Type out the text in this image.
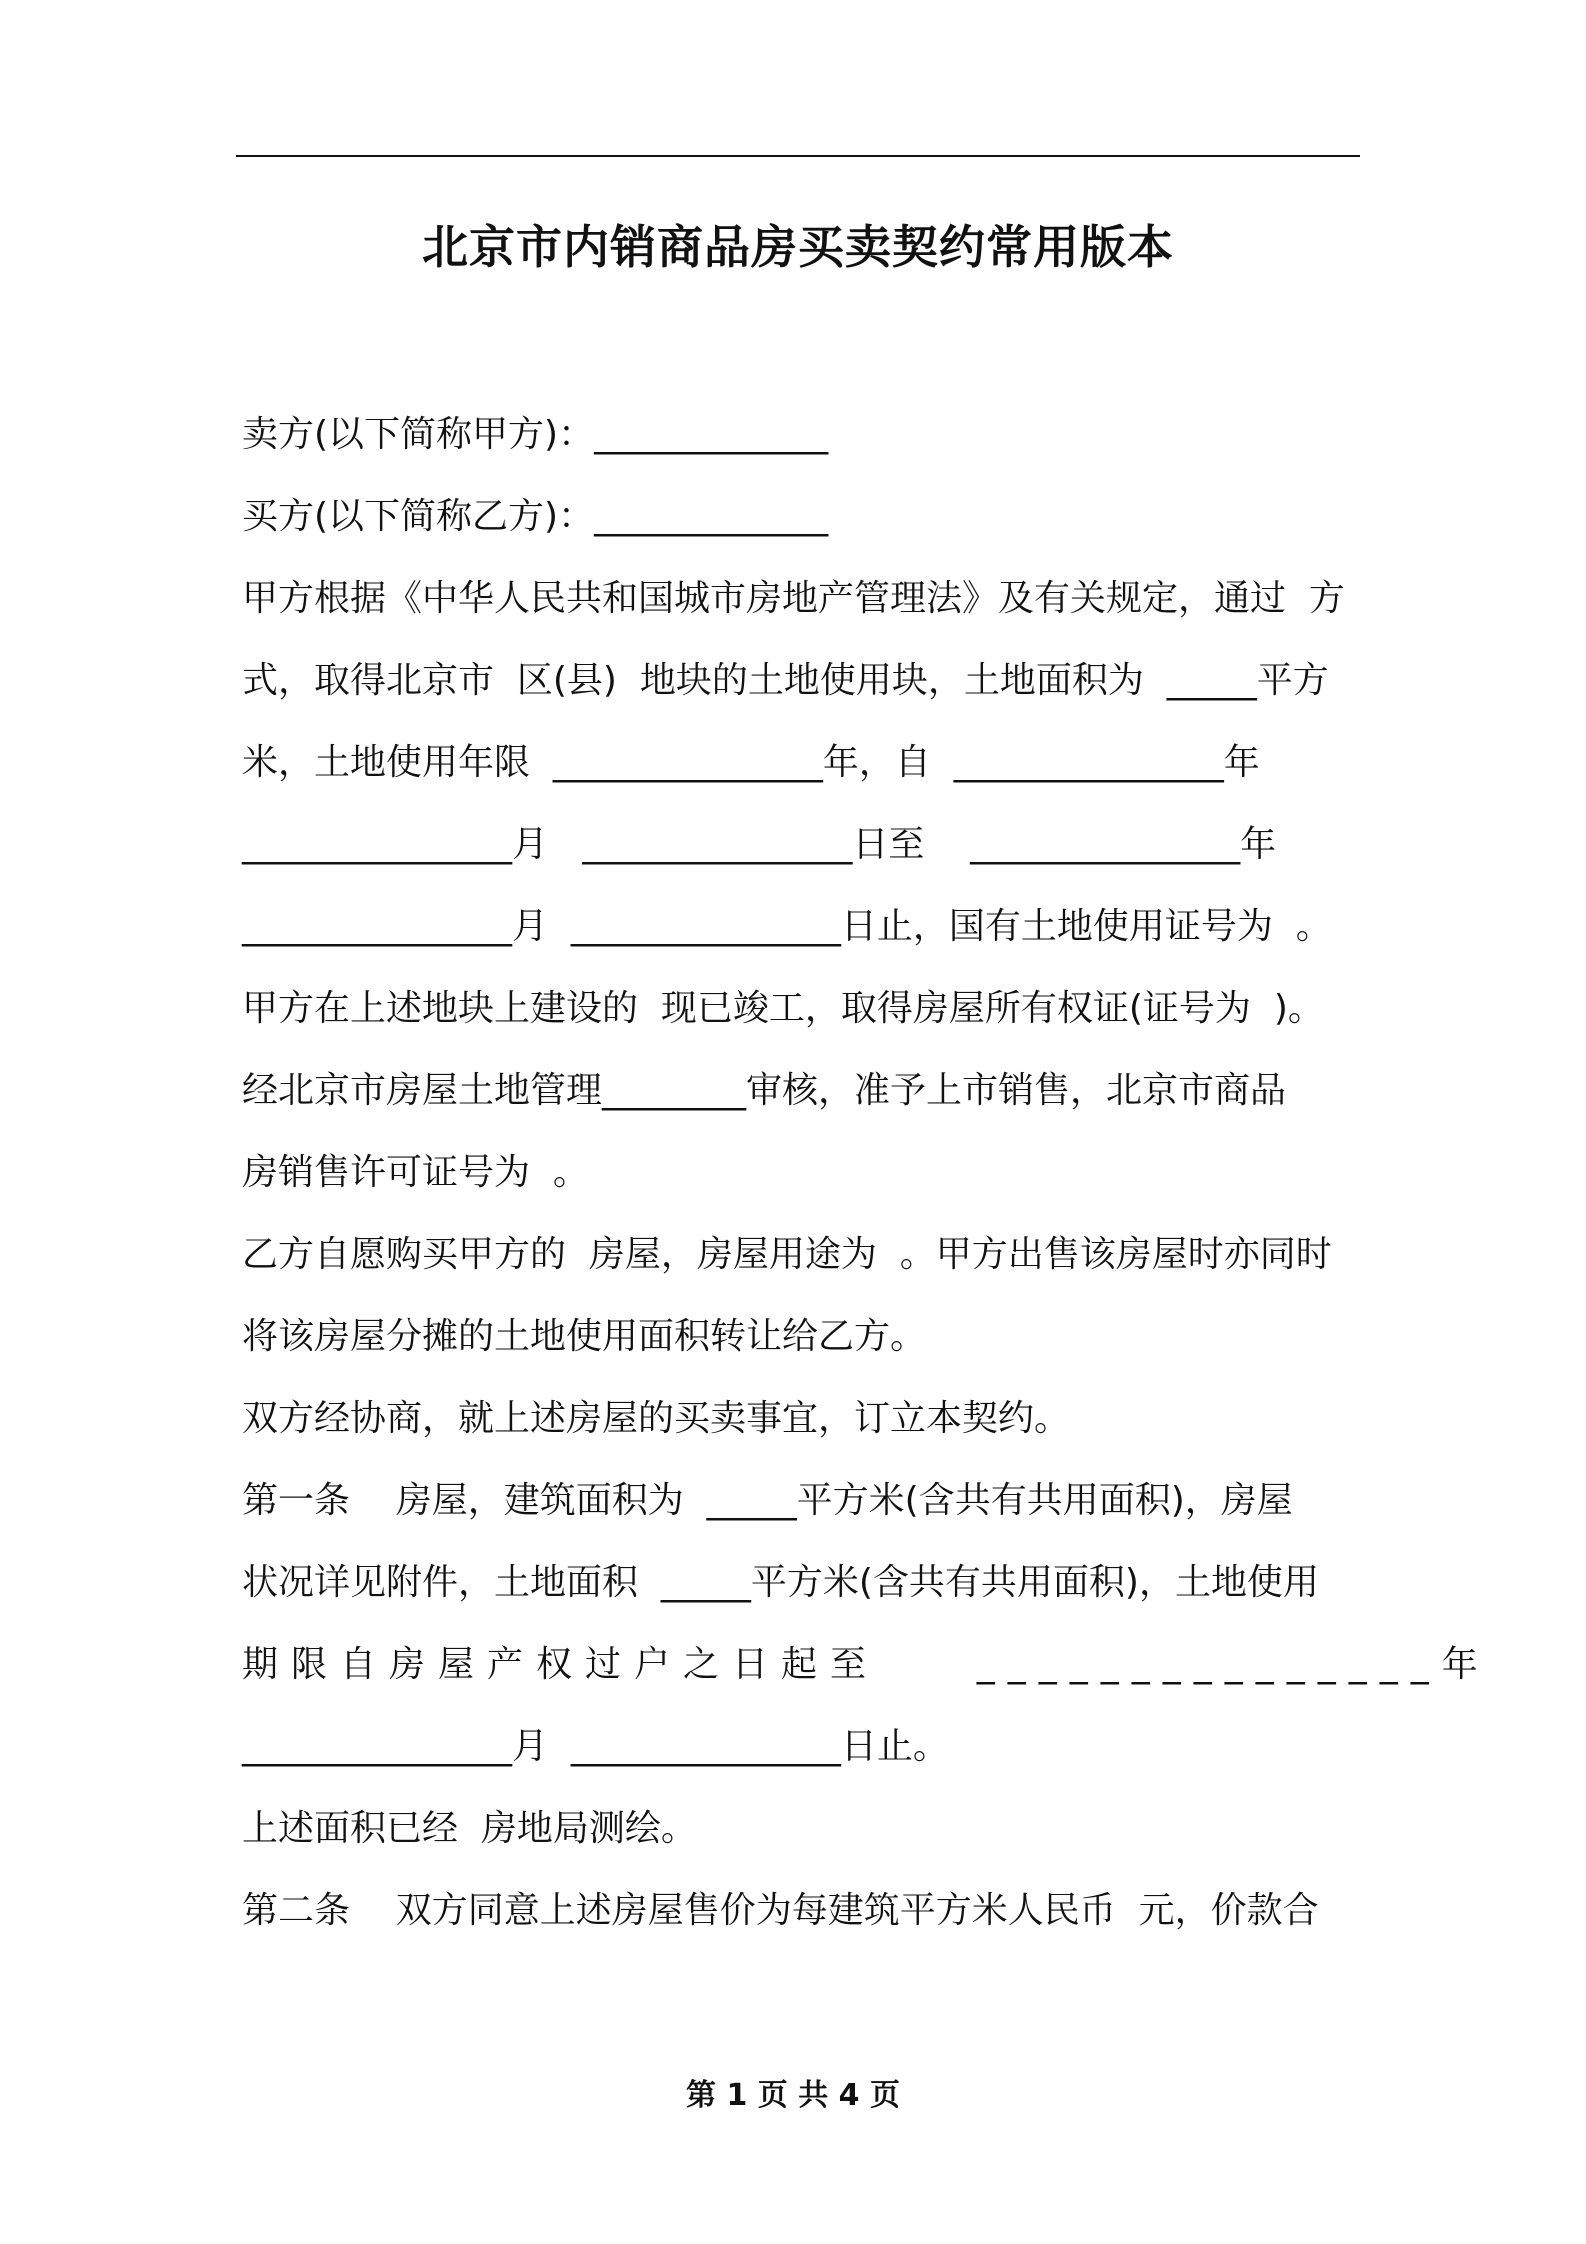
北京市内销商品房买卖契约常用版本
卖方(以下简称甲方)：_____________
买方(以下简称乙方)：_____________
甲方根据《中华人民共和国城市房地产管理法》及有关规定，通过  方
式，取得北京市  区(县)  地块的土地使用块，土地面积为  _____平方
米，土地使用年限  _______________年，自  _______________年
_______________月   _______________日至    _______________年
_______________月  _______________日止，国有土地使用证号为  。
甲方在上述地块上建设的  现已竣工，取得房屋所有权证(证号为  )。
经北京市房屋土地管理________审核，准予上市销售，北京市商品
房销售许可证号为  。
乙方自愿购买甲方的  房屋，房屋用途为  。甲方出售该房屋时亦同时
将该房屋分摊的土地使用面积转让给乙方。
双方经协商，就上述房屋的买卖事宜，订立本契约。
第一条    房屋，建筑面积为  _____平方米(含共有共用面积)，房屋
状况详见附件，土地面积  _____平方米(含共有共用面积)，土地使用
期限自房屋产权过户之日起至    _______________年
_______________月  _______________日止。
上述面积已经  房地局测绘。
第二条    双方同意上述房屋售价为每建筑平方米人民币  元，价款合
第 1 页 共 4 页
